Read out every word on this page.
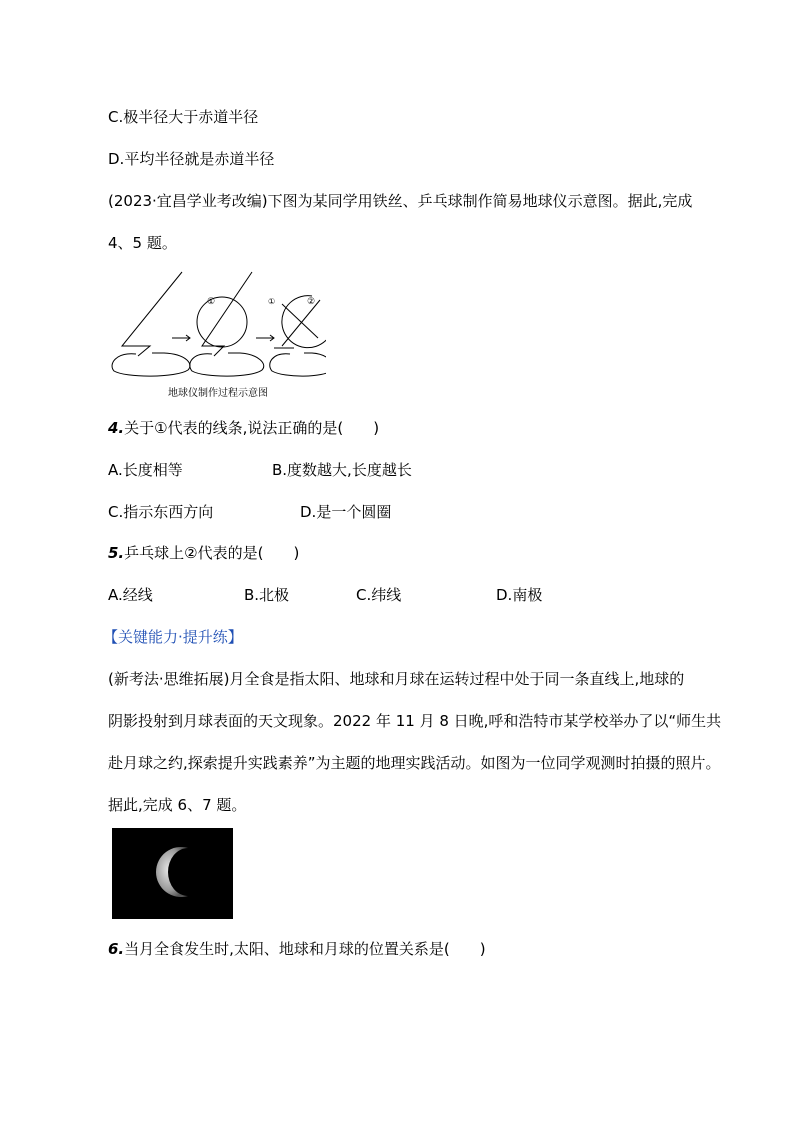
C.极半径大于赤道半径
D.平均半径就是赤道半径
(2023·宜昌学业考改编)下图为某同学用铁丝、乒乓球制作简易地球仪示意图。据此,完成
4、5 题。
①	①	②
地球仪制作过程示意图
4.关于①代表的线条,说法正确的是(　　)
A.长度相等	B.度数越大,长度越长
C.指示东西方向	D.是一个圆圈
5.乒乓球上②代表的是(　　)
A.经线	B.北极	C.纬线	D.南极
【关键能力·提升练】
(新考法·思维拓展)月全食是指太阳、地球和月球在运转过程中处于同一条直线上,地球的
阴影投射到月球表面的天文现象。2022 年 11 月 8 日晚,呼和浩特市某学校举办了以“师生共
赴月球之约,探索提升实践素养”为主题的地理实践活动。如图为一位同学观测时拍摄的照片。
据此,完成 6、7 题。
6.当月全食发生时,太阳、地球和月球的位置关系是(　　)
